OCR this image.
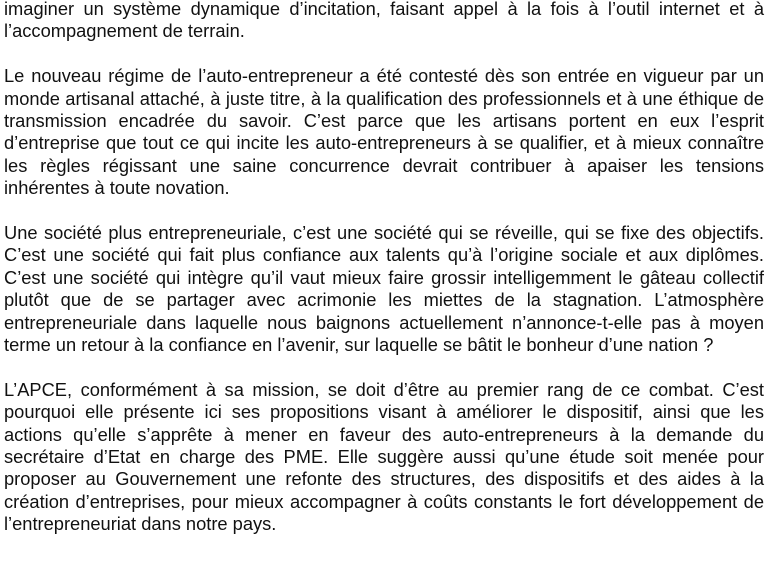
imaginer un système dynamique d’incitation, faisant appel à la fois à l’outil internet et à l’accompagnement de terrain.

Le nouveau régime de l’auto-entrepreneur a été contesté dès son entrée en vigueur par un monde artisanal attaché, à juste titre, à la qualification des professionnels et à une éthique de transmission encadrée du savoir. C’est parce que les artisans portent en eux l’esprit d’entreprise que tout ce qui incite les auto-entrepreneurs à se qualifier, et à mieux connaître les règles régissant une saine concurrence devrait contribuer à apaiser les tensions inhérentes à toute novation.

Une société plus entrepreneuriale, c’est une société qui se réveille, qui se fixe des objectifs. C’est une société qui fait plus confiance aux talents qu’à l’origine sociale et aux diplômes. C’est une société qui intègre qu’il vaut mieux faire grossir intelligemment le gâteau collectif plutôt que de se partager avec acrimonie les miettes de la stagnation. L’atmosphère entrepreneuriale dans laquelle nous baignons actuellement n’annonce-t-elle pas à moyen terme un retour à la confiance en l’avenir, sur laquelle se bâtit le bonheur d’une nation ?

L’APCE, conformément à sa mission, se doit d’être au premier rang de ce combat. C’est pourquoi elle présente ici ses propositions visant à améliorer le dispositif, ainsi que les actions qu’elle s’apprête à mener en faveur des auto-entrepreneurs à la demande du secrétaire d’Etat en charge des PME. Elle suggère aussi qu’une étude soit menée pour proposer au Gouvernement une refonte des structures, des dispositifs et des aides à la création d’entreprises, pour mieux accompagner à coûts constants le fort développement de l’entrepreneuriat dans notre pays.
